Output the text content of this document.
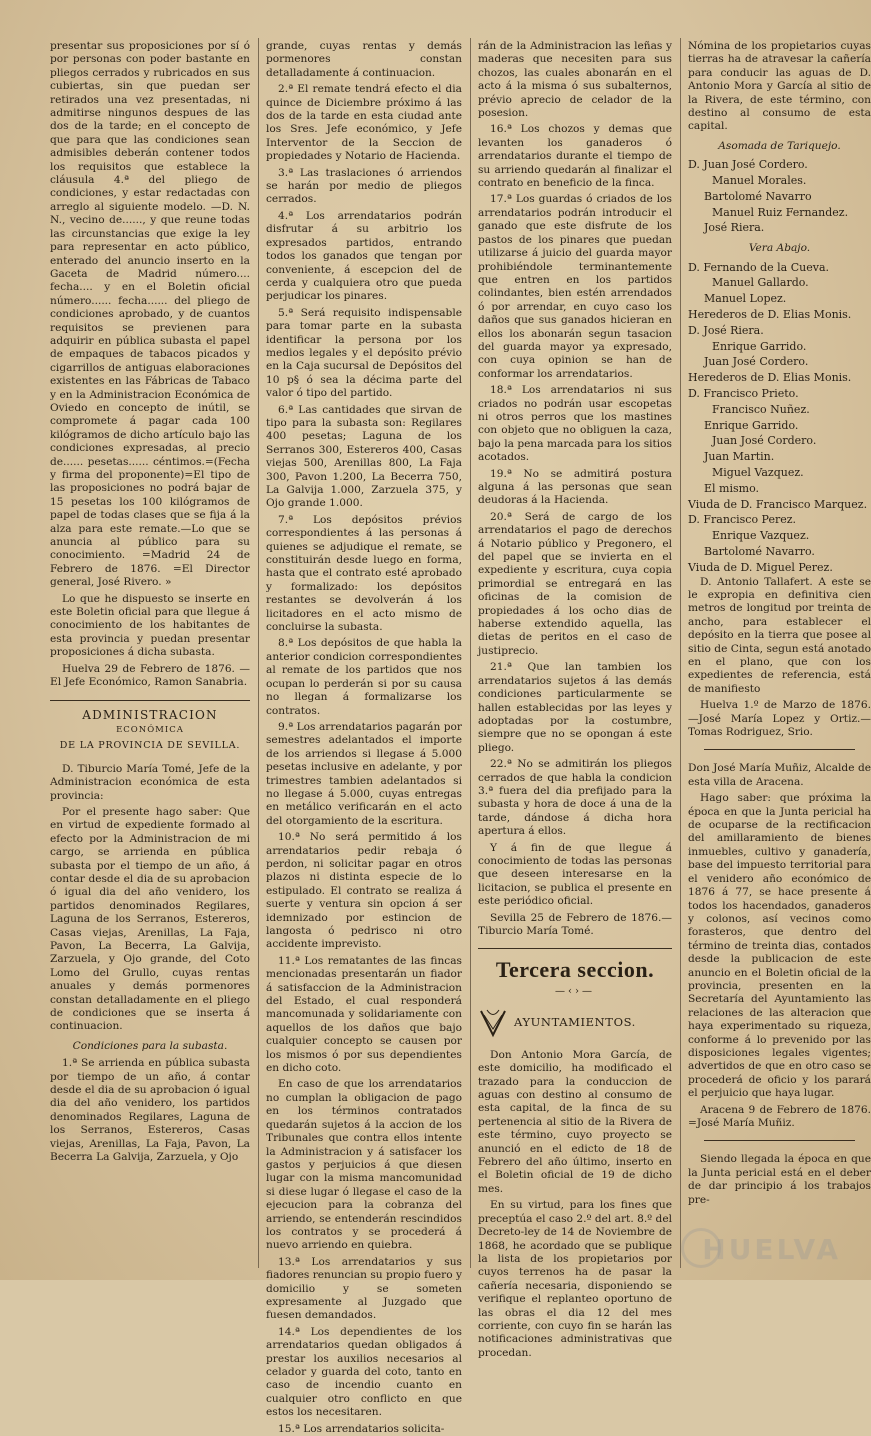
presentar sus proposiciones por sí ó por personas con poder bastante en pliegos cerrados y rubricados en sus cubiertas, sin que puedan ser retirados una vez presentadas, ni admitirse ningunos despues de las dos de la tarde; en el concepto de que para que las condiciones sean admisibles deberán contener todos los requisitos que establece la cláusula 4.ª del pliego de condiciones, y estar redactadas con arreglo al siguiente modelo. —D. N. N., vecino de......, y que reune todas las circunstancias que exige la ley para representar en acto público, enterado del anuncio inserto en la Gaceta de Madrid número.... fecha.... y en el Boletin oficial número...... fecha...... del pliego de condiciones aprobado, y de cuantos requisitos se previenen para adquirir en pública subasta el papel de empaques de tabacos picados y cigarrillos de antiguas elaboraciones existentes en las Fábricas de Tabaco y en la Administracion Económica de Oviedo en concepto de inútil, se compromete á pagar cada 100 kilógramos de dicho artículo bajo las condiciones expresadas, al precio de...... pesetas...... céntimos.=(Fecha y firma del proponente)=El tipo de las proposiciones no podrá bajar de 15 pesetas los 100 kilógramos de papel de todas clases que se fija á la alza para este remate.—Lo que se anuncia al público para su conocimiento. =Madrid 24 de Febrero de 1876. =El Director general, José Rivero. »

Lo que he dispuesto se inserte en este Boletin oficial para que llegue á conocimiento de los habitantes de esta provincia y puedan presentar proposiciones á dicha subasta.

Huelva 29 de Febrero de 1876. —El Jefe Económico, Ramon Sanabria.

ADMINISTRACION
ECONÓMICA
DE LA PROVINCIA DE SEVILLA.

D. Tiburcio María Tomé, Jefe de la Administracion económica de esta provincia:

Por el presente hago saber: Que en virtud de expediente formado al efecto por la Administracion de mi cargo, se arrienda en pública subasta por el tiempo de un año, á contar desde el dia de su aprobacion ó igual dia del año venidero, los partidos denominados Regilares, Laguna de los Serranos, Estereros, Casas viejas, Arenillas, La Faja, Pavon, La Becerra, La Galvija, Zarzuela, y Ojo grande, del Coto Lomo del Grullo, cuyas rentas anuales y demás pormenores constan detalladamente en el pliego de condiciones que se inserta á continuacion.

Condiciones para la subasta.

1.ª Se arrienda en pública subasta por tiempo de un año, á contar desde el dia de su aprobacion ó igual dia del año venidero, los partidos denominados Regilares, Laguna de los Serranos, Estereros, Casas viejas, Arenillas, La Faja, Pavon, La Becerra La Galvija, Zarzuela, y Ojo

grande, cuyas rentas y demás pormenores constan detalladamente á continuacion.

2.ª El remate tendrá efecto el dia quince de Diciembre próximo á las dos de la tarde en esta ciudad ante los Sres. Jefe económico, y Jefe Interventor de la Seccion de propiedades y Notario de Hacienda.

3.ª Las traslaciones ó arriendos se harán por medio de pliegos cerrados.

4.ª Los arrendatarios podrán disfrutar á su arbitrio los expresados partidos, entrando todos los ganados que tengan por conveniente, á escepcion del de cerda y cualquiera otro que pueda perjudicar los pinares.

5.ª Será requisito indispensable para tomar parte en la subasta identificar la persona por los medios legales y el depósito prévio en la Caja sucursal de Depósitos del 10 p§ ó sea la décima parte del valor ó tipo del partido.

6.ª Las cantidades que sirvan de tipo para la subasta son: Regilares 400 pesetas; Laguna de los Serranos 300, Estereros 400, Casas viejas 500, Arenillas 800, La Faja 300, Pavon 1.200, La Becerra 750, La Galvija 1.000, Zarzuela 375, y Ojo grande 1.000.

7.ª Los depósitos prévios correspondientes á las personas á quienes se adjudique el remate, se constituirán desde luego en forma, hasta que el contrato esté aprobado y formalizado: los depósitos restantes se devolverán á los licitadores en el acto mismo de concluirse la subasta.

8.ª Los depósitos de que habla la anterior condicion correspondientes al remate de los partidos que nos ocupan lo perderán si por su causa no llegan á formalizarse los contratos.

9.ª Los arrendatarios pagarán por semestres adelantados el importe de los arriendos si llegase á 5.000 pesetas inclusive en adelante, y por trimestres tambien adelantados si no llegase á 5.000, cuyas entregas en metálico verificarán en el acto del otorgamiento de la escritura.

10.ª No será permitido á los arrendatarios pedir rebaja ó perdon, ni solicitar pagar en otros plazos ni distinta especie de lo estipulado. El contrato se realiza á suerte y ventura sin opcion á ser idemnizado por estincion de langosta ó pedrisco ni otro accidente imprevisto.

11.ª Los rematantes de las fincas mencionadas presentarán un fiador á satisfaccion de la Administracion del Estado, el cual responderá mancomunada y solidariamente con aquellos de los daños que bajo cualquier concepto se causen por los mismos ó por sus dependientes en dicho coto.

En caso de que los arrendatarios no cumplan la obligacion de pago en los términos contratados quedarán sujetos á la accion de los Tribunales que contra ellos intente la Administracion y á satisfacer los gastos y perjuicios á que diesen lugar con la misma mancomunidad si diese lugar ó llegase el caso de la ejecucion para la cobranza del arriendo, se entenderán rescindidos los contratos y se procederá á nuevo arriendo en quiebra.

13.ª Los arrendatarios y sus fiadores renuncian su propio fuero y domicilio y se someten expresamente al Juzgado que fuesen demandados.

14.ª Los dependientes de los arrendatarios quedan obligados á prestar los auxilios necesarios al celador y guarda del coto, tanto en caso de incendio cuanto en cualquier otro conflicto en que estos los necesitaren.

15.ª Los arrendatarios solicita-

rán de la Administracion las leñas y maderas que necesiten para sus chozos, las cuales abonarán en el acto á la misma ó sus subalternos, prévio aprecio de celador de la posesion.

16.ª Los chozos y demas que levanten los ganaderos ó arrendatarios durante el tiempo de su arriendo quedarán al finalizar el contrato en beneficio de la finca.

17.ª Los guardas ó criados de los arrendatarios podrán introducir el ganado que este disfrute de los pastos de los pinares que puedan utilizarse á juicio del guarda mayor prohibiéndole terminantemente que entren en los partidos colindantes, bien estén arrendados ó por arrendar, en cuyo caso los daños que sus ganados hicieran en ellos los abonarán segun tasacion del guarda mayor ya expresado, con cuya opinion se han de conformar los arrendatarios.

18.ª Los arrendatarios ni sus criados no podrán usar escopetas ni otros perros que los mastines con objeto que no obliguen la caza, bajo la pena marcada para los sitios acotados.

19.ª No se admitirá postura alguna á las personas que sean deudoras á la Hacienda.

20.ª Será de cargo de los arrendatarios el pago de derechos á Notario público y Pregonero, el del papel que se invierta en el expediente y escritura, cuya copia primordial se entregará en las oficinas de la comision de propiedades á los ocho dias de haberse extendido aquella, las dietas de peritos en el caso de justiprecio.

21.ª Que lan tambien los arrendatarios sujetos á las demás condiciones particularmente se hallen establecidas por las leyes y adoptadas por la costumbre, siempre que no se opongan á este pliego.

22.ª No se admitirán los pliegos cerrados de que habla la condicion 3.ª fuera del dia prefijado para la subasta y hora de doce á una de la tarde, dándose á dicha hora apertura á ellos.

Y á fin de que llegue á conocimiento de todas las personas que deseen interesarse en la licitacion, se publica el presente en este periódico oficial.

Sevilla 25 de Febrero de 1876.—Tiburcio María Tomé.

Tercera seccion.
—‹›—
AYUNTAMIENTOS.

Don Antonio Mora García, de este domicilio, ha modificado el trazado para la conduccion de aguas con destino al consumo de esta capital, de la finca de su pertenencia al sitio de la Rivera de este término, cuyo proyecto se anunció en el edicto de 18 de Febrero del año último, inserto en el Boletin oficial de 19 de dicho mes.

En su virtud, para los fines que preceptúa el caso 2.º del art. 8.º del Decreto-ley de 14 de Noviembre de 1868, he acordado que se publique la lista de los propietarios por cuyos terrenos ha de pasar la cañería necesaria, disponiendo se verifique el replanteo oportuno de las obras el dia 12 del mes corriente, con cuyo fin se harán las notificaciones administrativas que procedan.

Nómina de los propietarios cuyas tierras ha de atravesar la cañería para conducir las aguas de D. Antonio Mora y García al sitio de la Rivera, de este término, con destino al consumo de esta capital.

Asomada de Tariquejo.

D. Juan José Cordero.
Manuel Morales.
Bartolomé Navarro
Manuel Ruiz Fernandez.
José Riera.

Vera Abajo.

D. Fernando de la Cueva.
Manuel Gallardo.
Manuel Lopez.
Herederos de D. Elias Monis.
D. José Riera.
Enrique Garrido.
Juan José Cordero.
Herederos de D. Elias Monis.
D. Francisco Prieto.
Francisco Nuñez.
Enrique Garrido.
Juan José Cordero.
Juan Martin.
Miguel Vazquez.
El mismo.
Viuda de D. Francisco Marquez.
D. Francisco Perez.
Enrique Vazquez.
Bartolomé Navarro.
Viuda de D. Miguel Perez.

D. Antonio Tallafert. A este se le expropia en definitiva cien metros de longitud por treinta de ancho, para establecer el depósito en la tierra que posee al sitio de Cinta, segun está anotado en el plano, que con los expedientes de referencia, está de manifiesto

Huelva 1.º de Marzo de 1876. —José María Lopez y Ortiz.—Tomas Rodriguez, Srio.

Don José María Muñiz, Alcalde de esta villa de Aracena.

Hago saber: que próxima la época en que la Junta pericial ha de ocuparse de la rectificacion del amillaramiento de bienes inmuebles, cultivo y ganadería, base del impuesto territorial para el venidero año económico de 1876 á 77, se hace presente á todos los hacendados, ganaderos y colonos, así vecinos como forasteros, que dentro del término de treinta dias, contados desde la publicacion de este anuncio en el Boletin oficial de la provincia, presenten en la Secretaría del Ayuntamiento las relaciones de las alteracion que haya experimentado su riqueza, conforme á lo prevenido por las disposiciones legales vigentes; advertidos de que en otro caso se procederá de oficio y los parará el perjuicio que haya lugar.

Aracena 9 de Febrero de 1876. =José María Muñiz.

Siendo llegada la época en que la Junta pericial está en el deber de dar principio á los trabajos pre-

HUELVA
